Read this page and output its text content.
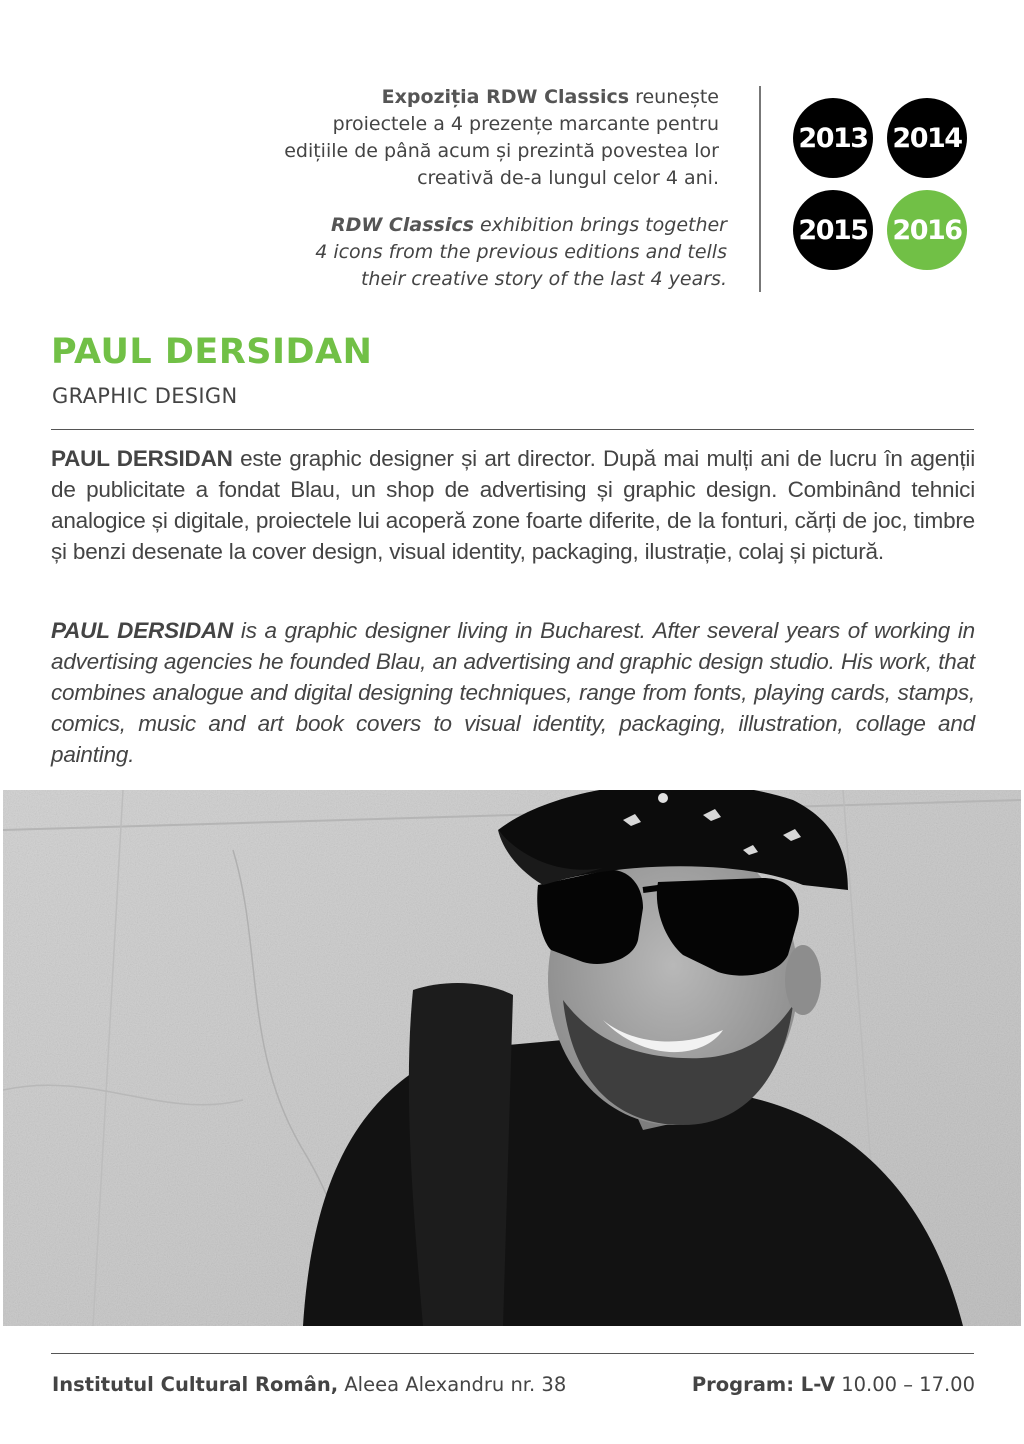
Expoziția RDW Classics reunește
proiectele a 4 prezențe marcante pentru
edițiile de până acum și prezintă povestea lor
creativă de-a lungul celor 4 ani.
RDW Classics exhibition brings together
4 icons from the previous editions and tells
their creative story of the last 4 years.
2013 2014
2015 2016
PAUL DERSIDAN
GRAPHIC DESIGN

PAUL DERSIDAN este graphic designer și art director. După mai mulți ani de lucru în agenții de publicitate a fondat Blau, un shop de advertising și graphic design. Combinând tehnici analogice și digitale, proiectele lui acoperă zone foarte diferite, de la fonturi, cărți de joc, timbre și benzi desenate la cover design, visual identity, packaging, ilustrație, colaj și pictură.

PAUL DERSIDAN is a graphic designer living in Bucharest. After several years of working in advertising agencies he founded Blau, an advertising and graphic design studio. His work, that combines analogue and digital designing techniques, range from fonts, playing cards, stamps, comics, music and art book covers to visual identity, packaging, illustration, collage and painting.

Institutul Cultural Român, Aleea Alexandru nr. 38	Program: L-V 10.00 – 17.00
